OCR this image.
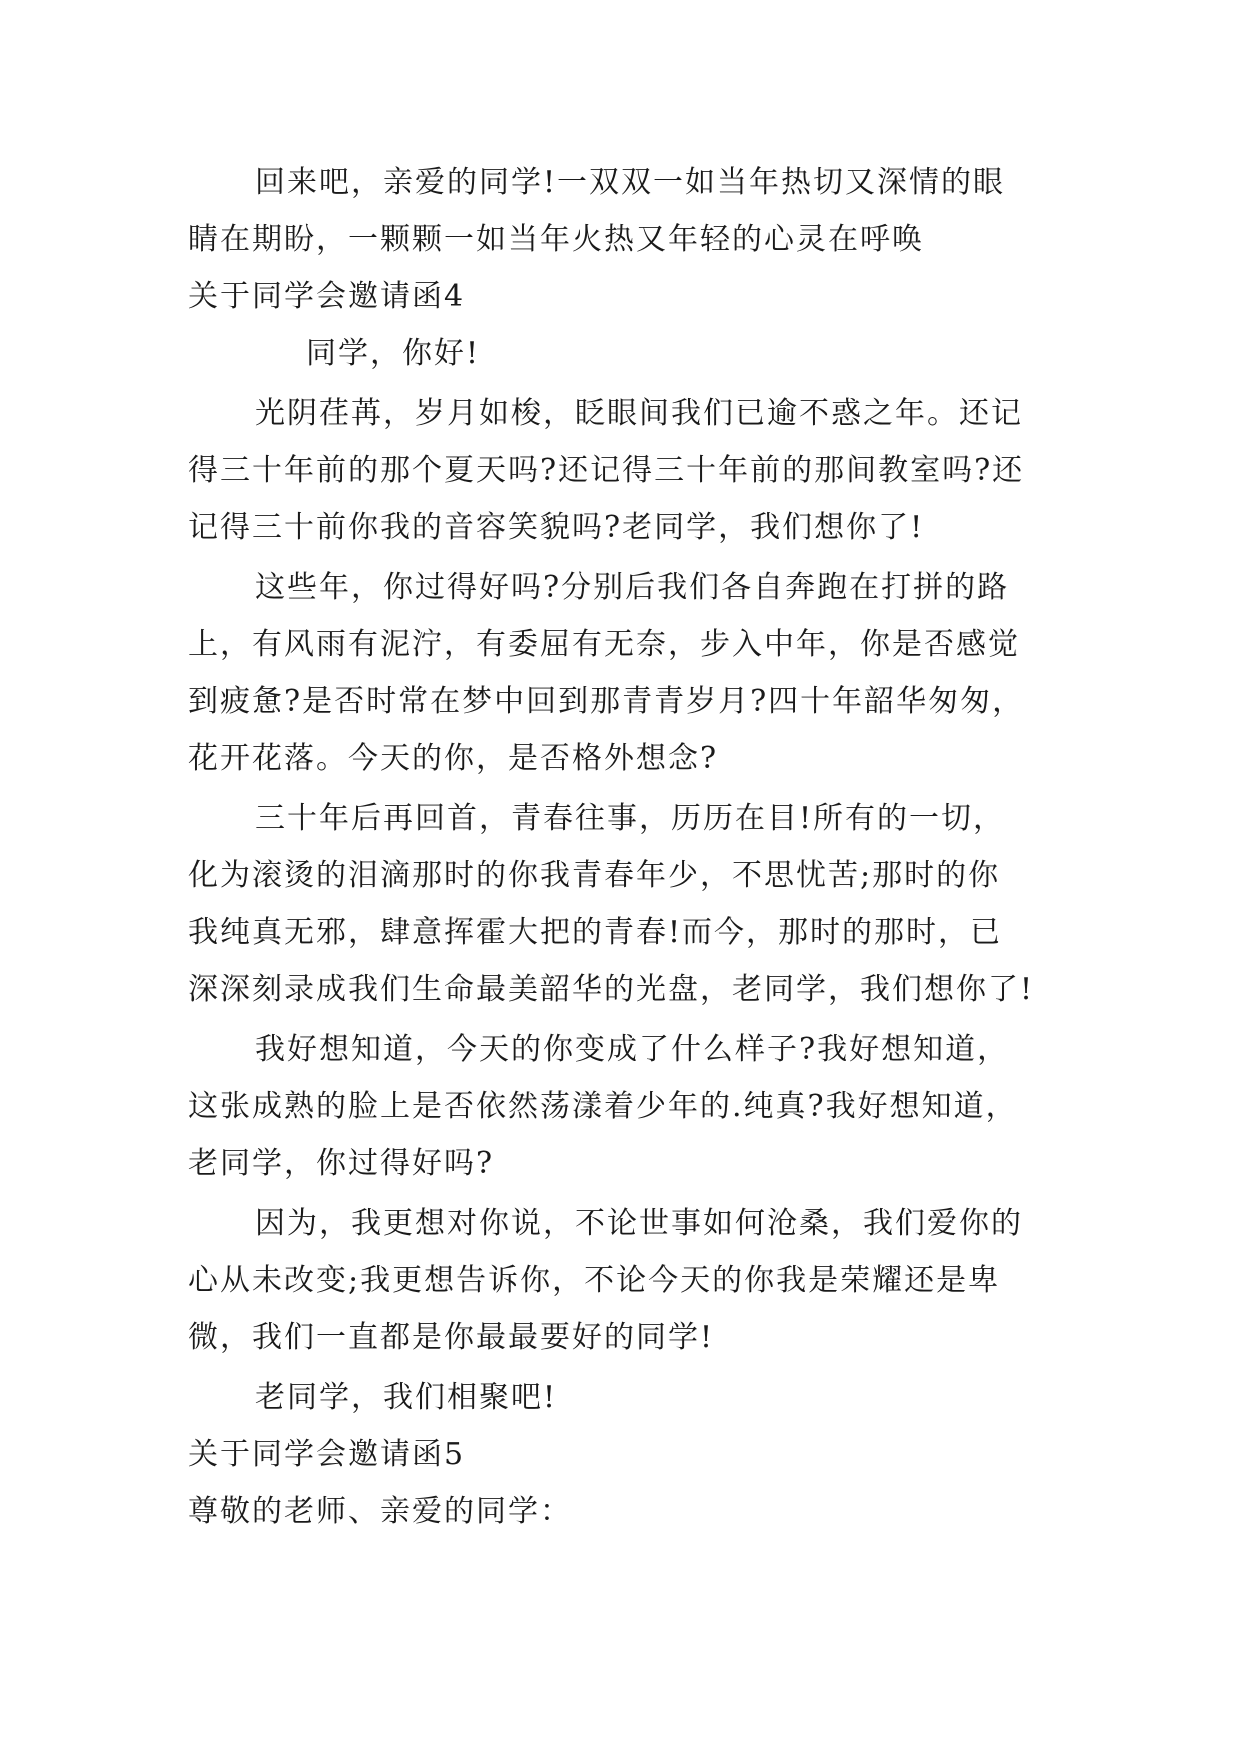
回来吧，亲爱的同学!一双双一如当年热切又深情的眼
睛在期盼，一颗颗一如当年火热又年轻的心灵在呼唤
关于同学会邀请函4
同学，你好!
光阴荏苒，岁月如梭，眨眼间我们已逾不惑之年。还记
得三十年前的那个夏天吗?还记得三十年前的那间教室吗?还
记得三十前你我的音容笑貌吗?老同学，我们想你了!
这些年，你过得好吗?分别后我们各自奔跑在打拼的路
上，有风雨有泥泞，有委屈有无奈，步入中年，你是否感觉
到疲惫?是否时常在梦中回到那青青岁月?四十年韶华匆匆，
花开花落。今天的你，是否格外想念?
三十年后再回首，青春往事，历历在目!所有的一切，
化为滚烫的泪滴那时的你我青春年少，不思忧苦;那时的你
我纯真无邪，肆意挥霍大把的青春!而今，那时的那时，已
深深刻录成我们生命最美韶华的光盘，老同学，我们想你了!
我好想知道，今天的你变成了什么样子?我好想知道，
这张成熟的脸上是否依然荡漾着少年的.纯真?我好想知道，
老同学，你过得好吗?
因为，我更想对你说，不论世事如何沧桑，我们爱你的
心从未改变;我更想告诉你，不论今天的你我是荣耀还是卑
微，我们一直都是你最最要好的同学!
老同学，我们相聚吧!
关于同学会邀请函5
尊敬的老师、亲爱的同学：
